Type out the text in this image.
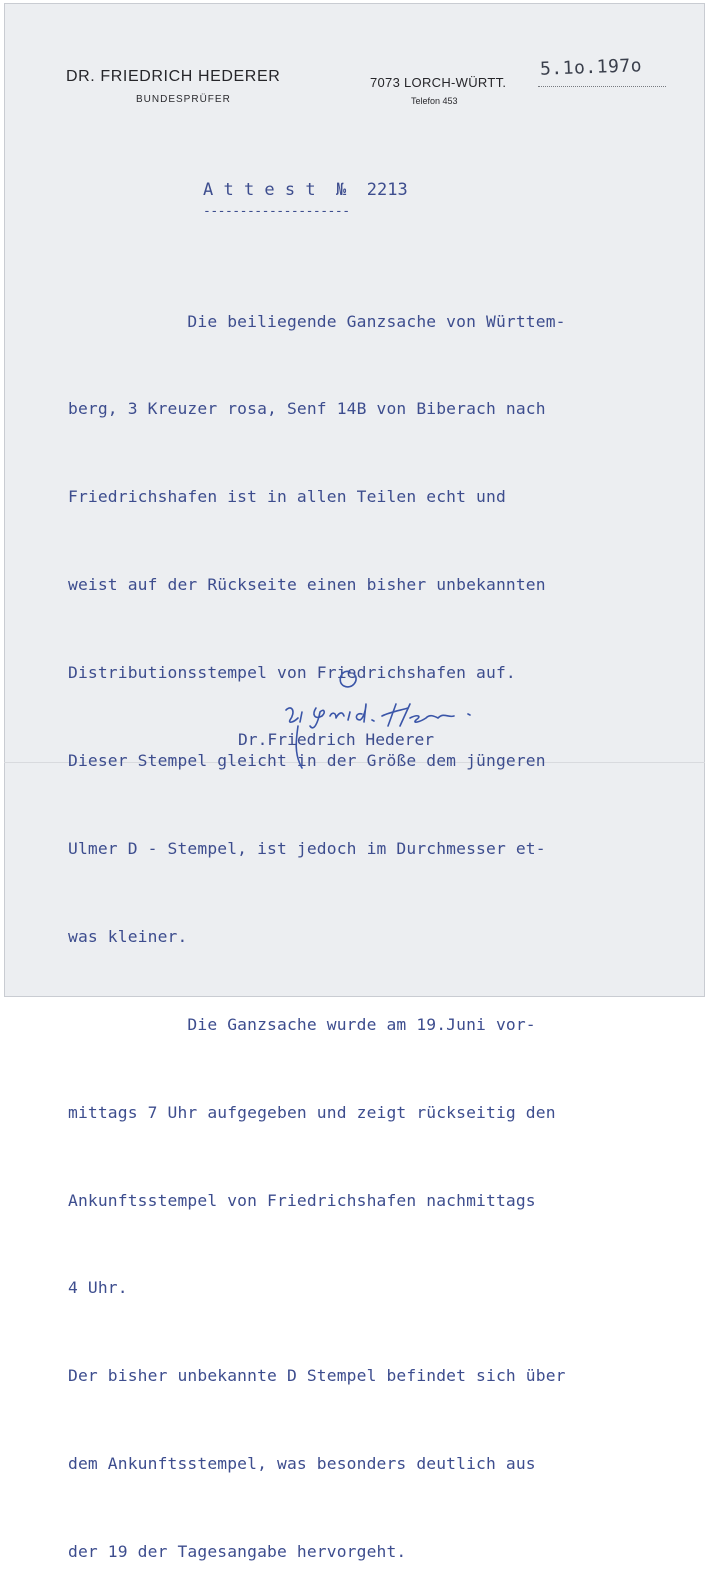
DR. FRIEDRICH HEDERER
BUNDESPRÜFER
7073 LORCH-WÜRTT.
Telefon 453
5.1o.197o
A t t e s t  №  2213
--------------------

Die beiliegende Ganzsache von Württem-

berg, 3 Kreuzer rosa, Senf 14B von Biberach nach

Friedrichshafen ist in allen Teilen echt und

weist auf der Rückseite einen bisher unbekannten

Distributionsstempel von Friedrichshafen auf.

Dieser Stempel gleicht in der Größe dem jüngeren

Ulmer D - Stempel, ist jedoch im Durchmesser et-

was kleiner.

Die Ganzsache wurde am 19.Juni vor-

mittags 7 Uhr aufgegeben und zeigt rückseitig den

Ankunftsstempel von Friedrichshafen nachmittags

4 Uhr.

Der bisher unbekannte D Stempel befindet sich über

dem Ankunftsstempel, was besonders deutlich aus

der 19 der Tagesangabe hervorgeht.

Dr.Friedrich Hederer
